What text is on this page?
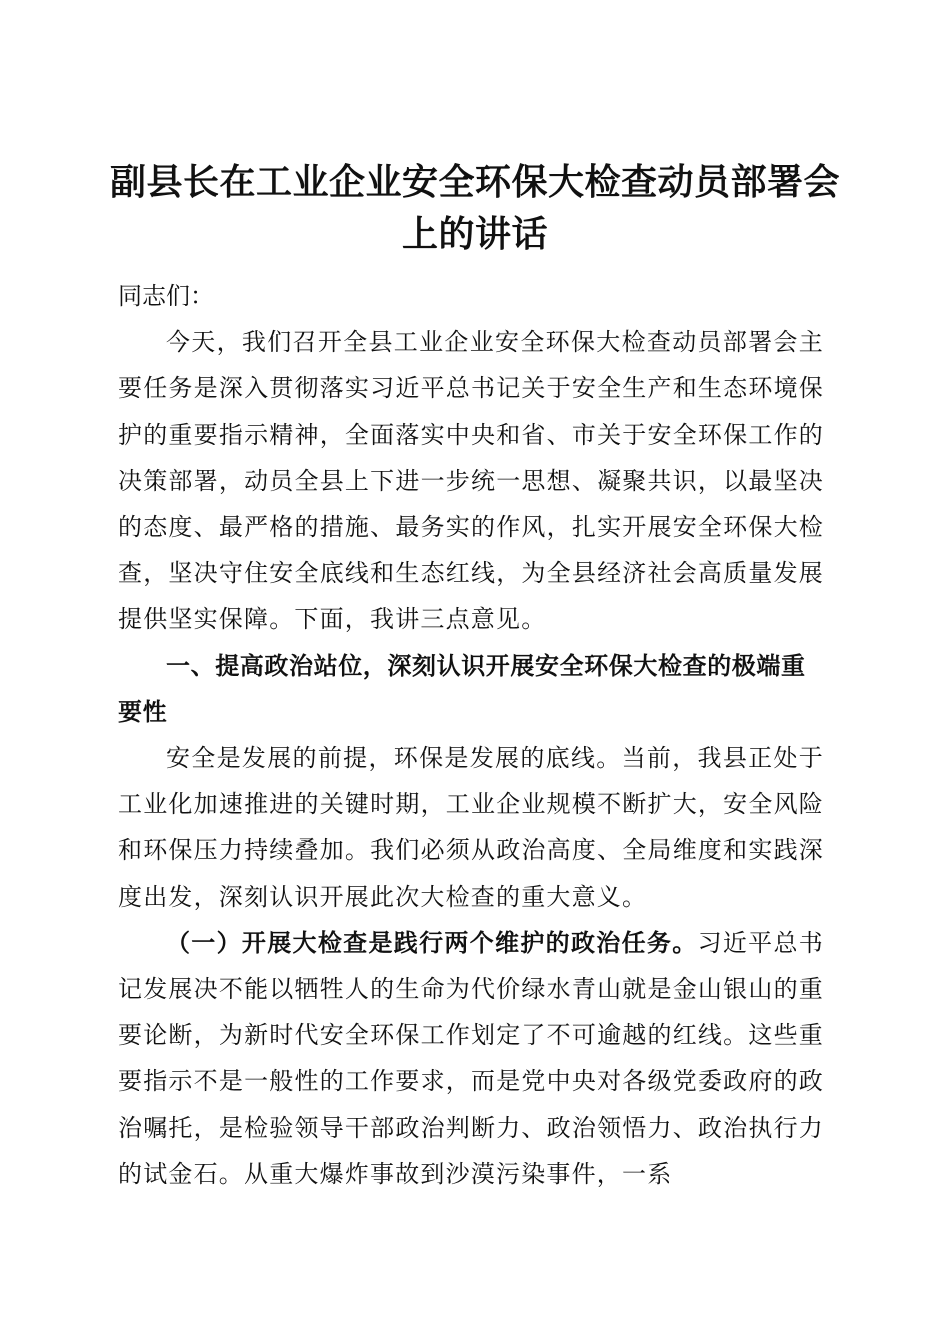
副县长在工业企业安全环保大检查动员部署会
上的讲话

同志们：

今天，我们召开全县工业企业安全环保大检查动员部署会主要任务是深入贯彻落实习近平总书记关于安全生产和生态环境保护的重要指示精神，全面落实中央和省、市关于安全环保工作的决策部署，动员全县上下进一步统一思想、凝聚共识，以最坚决的态度、最严格的措施、最务实的作风，扎实开展安全环保大检查，坚决守住安全底线和生态红线，为全县经济社会高质量发展提供坚实保障。下面，我讲三点意见。

一、提高政治站位，深刻认识开展安全环保大检查的极端重要性

安全是发展的前提，环保是发展的底线。当前，我县正处于工业化加速推进的关键时期，工业企业规模不断扩大，安全风险和环保压力持续叠加。我们必须从政治高度、全局维度和实践深度出发，深刻认识开展此次大检查的重大意义。

（一）开展大检查是践行两个维护的政治任务。习近平总书记发展决不能以牺牲人的生命为代价绿水青山就是金山银山的重要论断，为新时代安全环保工作划定了不可逾越的红线。这些重要指示不是一般性的工作要求，而是党中央对各级党委政府的政治嘱托，是检验领导干部政治判断力、政治领悟力、政治执行力的试金石。从重大爆炸事故到沙漠污染事件，一系
